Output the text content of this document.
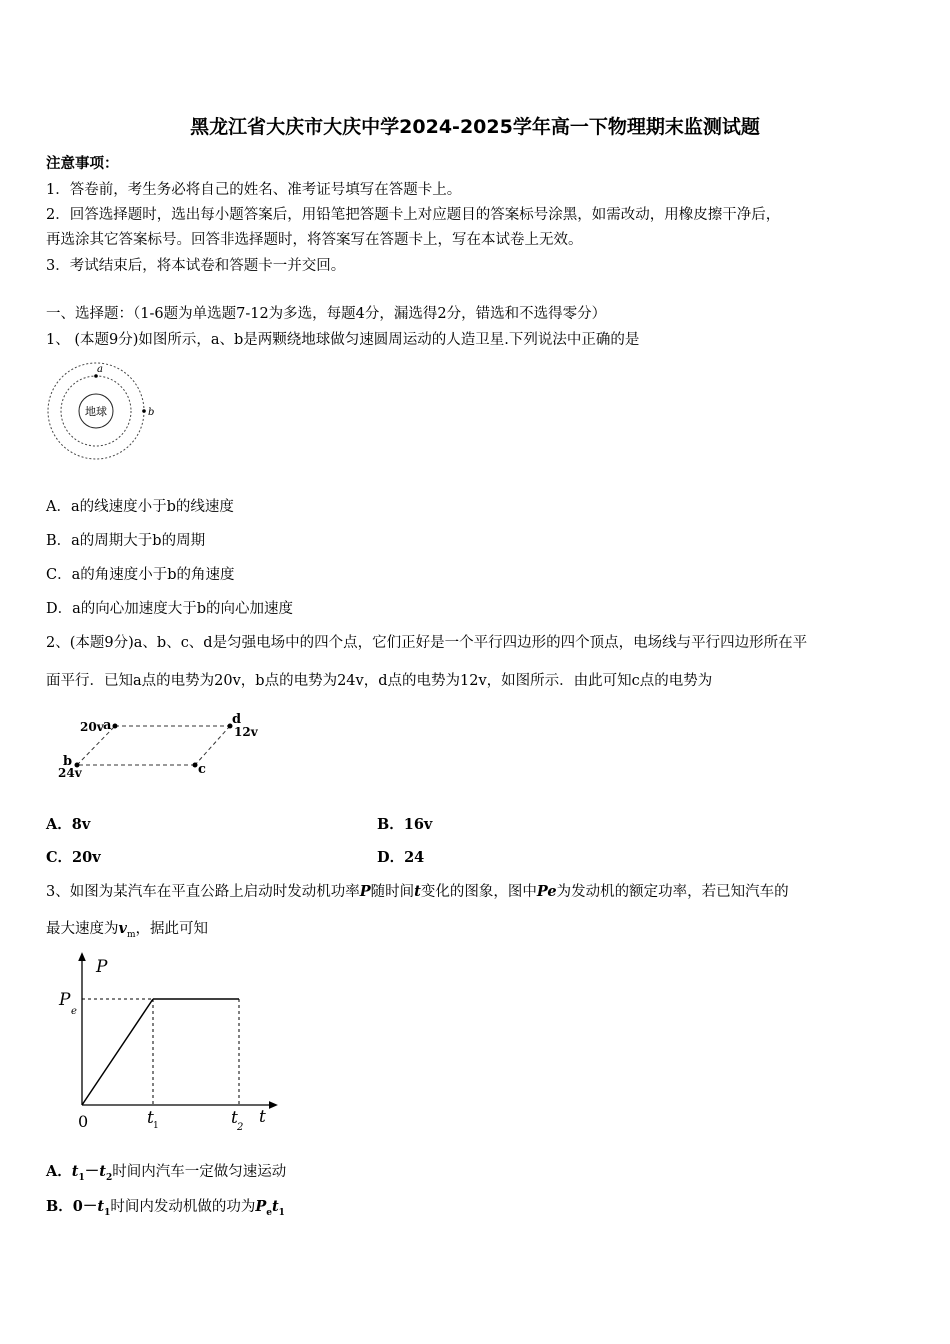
黑龙江省大庆市大庆中学2024-2025学年高一下物理期末监测试题
注意事项：
1．答卷前，考生务必将自己的姓名、准考证号填写在答题卡上。
2．回答选择题时，选出每小题答案后，用铅笔把答题卡上对应题目的答案标号涂黑，如需改动，用橡皮擦干净后，
再选涂其它答案标号。回答非选择题时，将答案写在答题卡上，写在本试卷上无效。
3．考试结束后，将本试卷和答题卡一并交回。
一、选择题：（1-6题为单选题7-12为多选，每题4分，漏选得2分，错选和不选得零分）
1、 (本题9分)如图所示，a、b是两颗绕地球做匀速圆周运动的人造卫星.下列说法中正确的是
地球
a
b
A．a的线速度小于b的线速度
B．a的周期大于b的周期
C．a的角速度小于b的角速度
D．a的向心加速度大于b的向心加速度
2、(本题9分)a、b、c、d是匀强电场中的四个点，它们正好是一个平行四边形的四个顶点，电场线与平行四边形所在平
面平行．已知a点的电势为20v，b点的电势为24v，d点的电势为12v，如图所示．由此可知c点的电势为
20v a	d
12v
c
b
24v
A．8v	B．16v
C．20v	D．24
3、如图为某汽车在平直公路上启动时发动机功率P随时间t变化的图象，图中Pe为发动机的额定功率，若已知汽车的
最大速度为$v_m$，据此可知
P
P
e
0	t 1	t 2
t
A．$t_1-t_2$时间内汽车一定做匀速运动
B．$0-t_1$时间内发动机做的功为$P_et_1$
